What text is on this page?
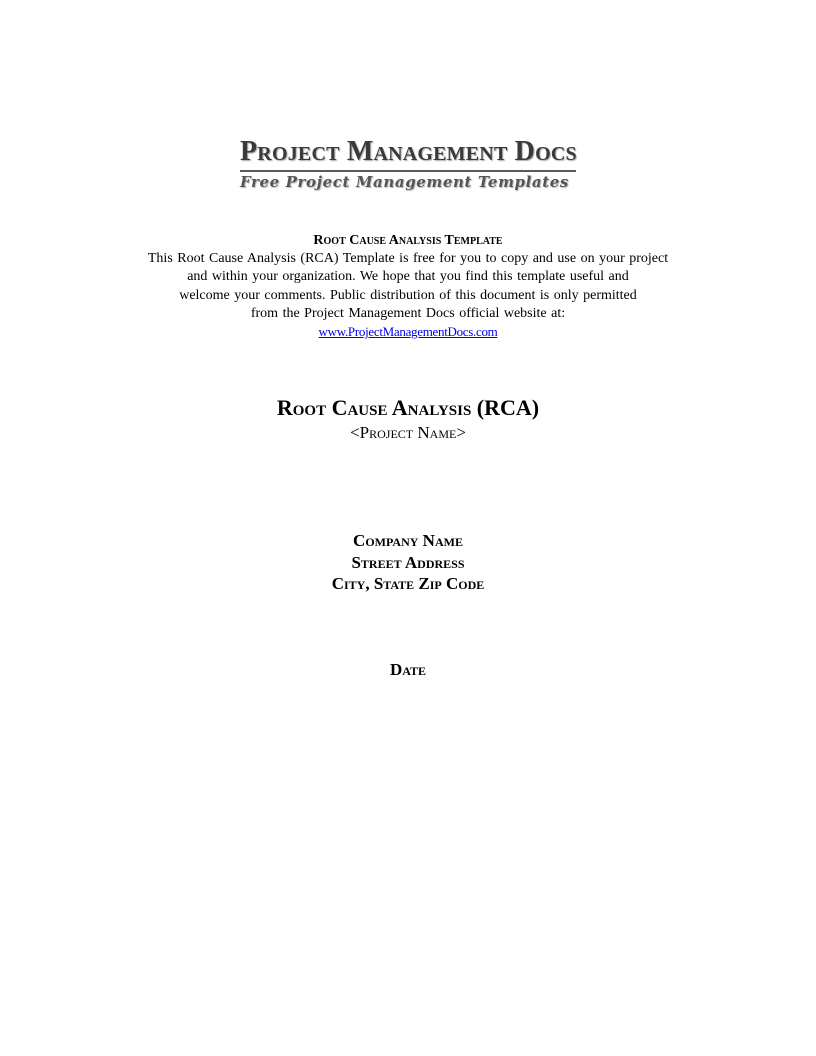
Project Management Docs
Free Project Management Templates
Root Cause Analysis Template
This Root Cause Analysis (RCA) Template is free for you to copy and use on your project
and within your organization. We hope that you find this template useful and
welcome your comments. Public distribution of this document is only permitted
from the Project Management Docs official website at:
www.ProjectManagementDocs.com
Root Cause Analysis (RCA)
<Project Name>
Company Name
Street Address
City, State Zip Code
Date
